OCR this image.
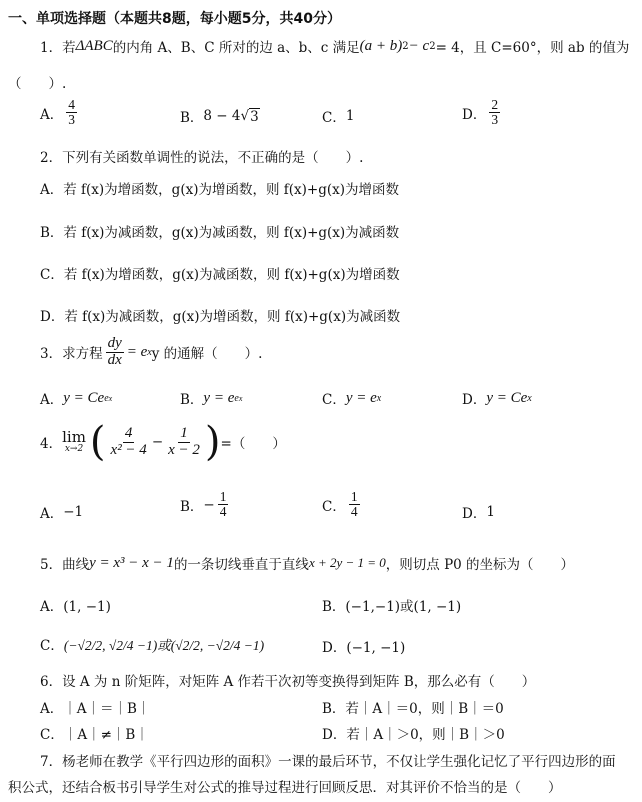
一、单项选择题（本题共8题，每小题5分，共40分）
1．若 ΔABC 的内角 A、B、C 所对的边 a、b、c 满足 (a + b) 2 − c 2 = 4，且 C=60°，则 ab 的值为
（　　）.
A． $\frac{4}{3}$	B． 8 − 4 √ 3	C． 1	D． $\frac{2}{3}$
2．下列有关函数单调性的说法，不正确的是（　　）.
A．若 f(x)为增函数，g(x)为增函数，则 f(x)+g(x)为增函数
B．若 f(x)为减函数，g(x)为减函数，则 f(x)+g(x)为减函数
C．若 f(x)为增函数，g(x)为减函数，则 f(x)+g(x)为增函数
D．若 f(x)为减函数，g(x)为增函数，则 f(x)+g(x)为减函数
3．求方程 $\frac{dy}{dx} = e$ x y 的通解（　　）.
A． y = Ce e x	B． y = e e x	C． y = e x	D． y = Ce x
4． lim
x→2 ( $\frac{4}{\text{x² − 4}} - \frac{1}{x - 2}$ ) =（　　）
A． −1	B． − $\frac{1}{4}$	C． $\frac{1}{4}$	D． 1
5．曲线 y = x³ − x − 1 的一条切线垂直于直线 x + 2y − 1 = 0 ，则切点 P0 的坐标为（　　）
A．(1, −1)	B．(−1,−1)或(1, −1)
C． (−√2/2, √2/4 −1)或(√2/2, −√2/4 −1)	D．(−1, −1)
6．设 A 为 n 阶矩阵，对矩阵 A 作若干次初等变换得到矩阵 B，那么必有（　　）
A．｜A｜＝｜B｜	B．若｜A｜＝0，则｜B｜＝0
C．｜A｜≠｜B｜	D．若｜A｜＞0，则｜B｜＞0
7．杨老师在教学《平行四边形的面积》一课的最后环节，不仅让学生强化记忆了平行四边形的面
积公式，还结合板书引导学生对公式的推导过程进行回顾反思．对其评价不恰当的是（　　）
